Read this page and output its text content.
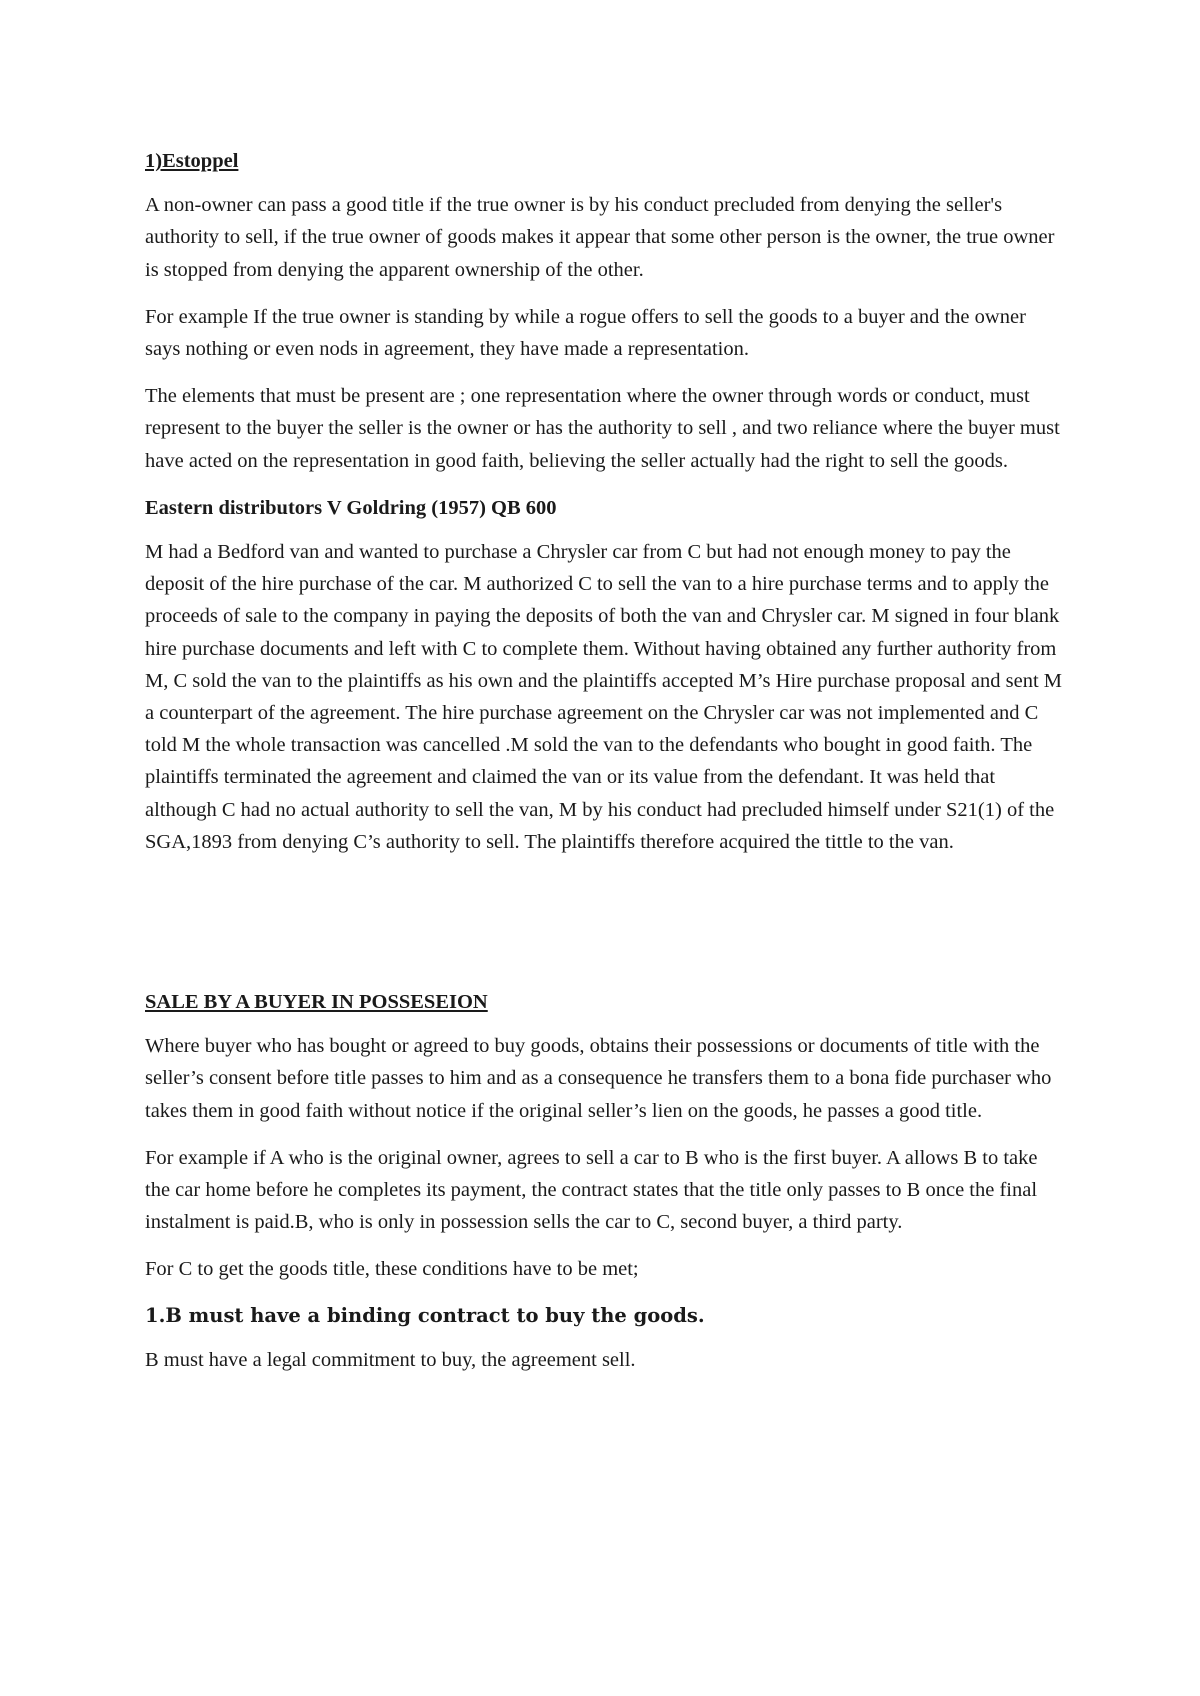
1)Estoppel

A non-owner can pass a good title if the true owner is by his conduct precluded from denying the seller's authority to sell, if the true owner of goods makes it appear that some other person is the owner, the true owner is stopped from denying the apparent ownership of the other.

For example If the true owner is standing by while a rogue offers to sell the goods to a buyer and the owner says nothing or even nods in agreement, they have made a representation.

The elements that must be present are ; one representation where the owner through words or conduct, must represent to the buyer the seller is the owner or has the authority to sell , and two reliance where the buyer must have acted on the representation in good faith, believing the seller actually had the right to sell the goods.

Eastern distributors V Goldring (1957) QB 600

M had a Bedford van and wanted to purchase a Chrysler car from C but had not enough money to pay the deposit of the hire purchase of the car. M authorized C to sell the van to a hire purchase terms and to apply the proceeds of sale to the company in paying the deposits of both the van and Chrysler car. M signed in four blank hire purchase documents and left with C to complete them. Without having obtained any further authority from M, C sold the van to the plaintiffs as his own and the plaintiffs accepted M’s Hire purchase proposal and sent M a counterpart of the agreement. The hire purchase agreement on the Chrysler car was not implemented and C told M the whole transaction was cancelled .M sold the van to the defendants who bought in good faith. The plaintiffs terminated the agreement and claimed the van or its value from the defendant. It was held that although C had no actual authority to sell the van, M by his conduct had precluded himself under S21(1) of the SGA,1893 from denying C’s authority to sell. The plaintiffs therefore acquired the tittle to the van.

SALE BY A BUYER IN POSSESEION

Where buyer who has bought or agreed to buy goods, obtains their possessions or documents of title with the seller’s consent before title passes to him and as a consequence he transfers them to a bona fide purchaser who takes them in good faith without notice if the original seller’s lien on the goods, he passes a good title.

For example if A who is the original owner, agrees to sell a car to B who is the first buyer. A allows B to take the car home before he completes its payment, the contract states that the title only passes to B once the final instalment is paid.B, who is only in possession sells the car to C, second buyer, a third party.

For C to get the goods title, these conditions have to be met;

1.B must have a binding contract to buy the goods.

B must have a legal commitment to buy, the agreement sell.
